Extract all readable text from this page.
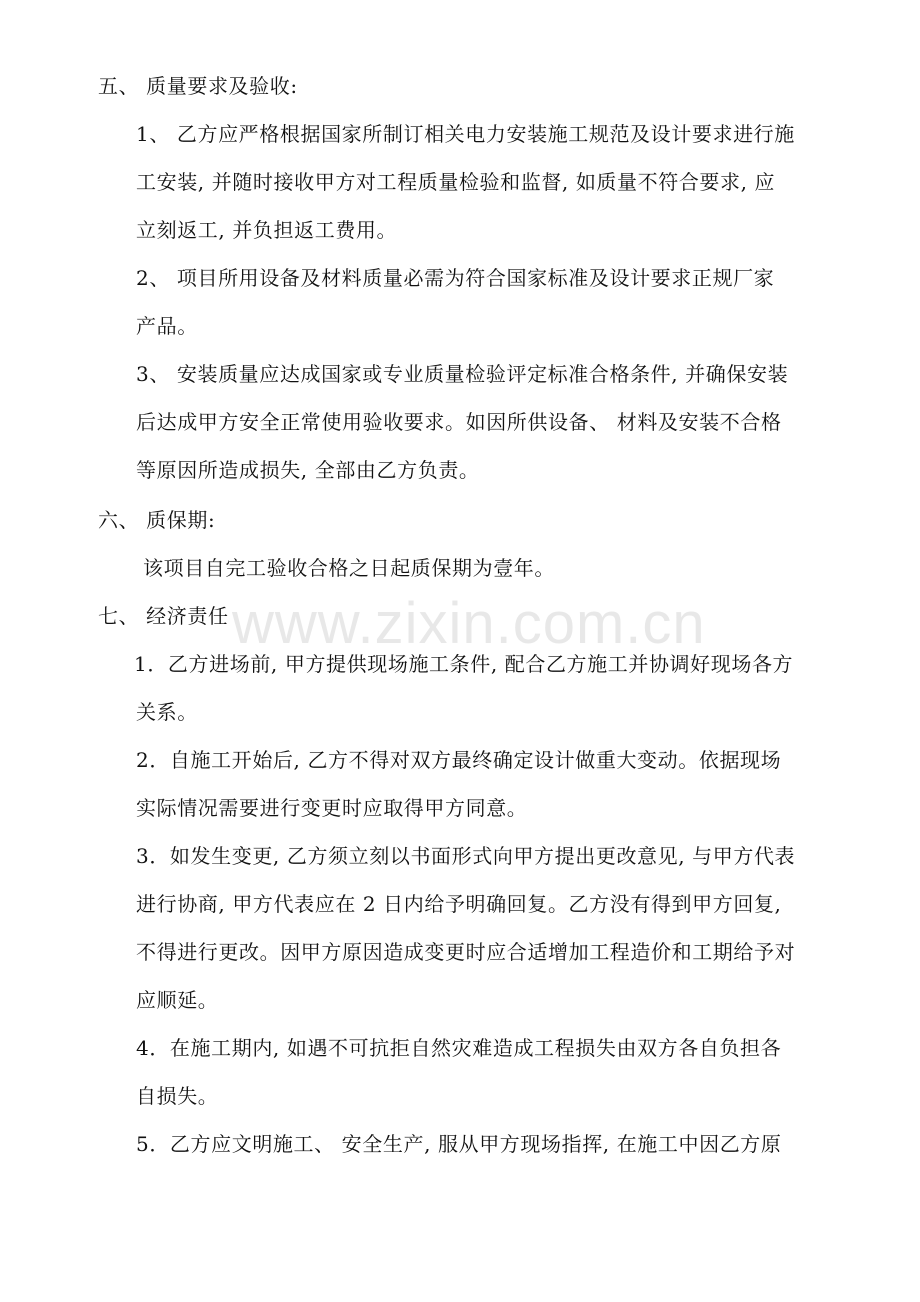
五、 质量要求及验收:
1、 乙方应严格根据国家所制订相关电力安装施工规范及设计要求进行施
工安装, 并随时接收甲方对工程质量检验和监督, 如质量不符合要求, 应
立刻返工, 并负担返工费用。
2、 项目所用设备及材料质量必需为符合国家标准及设计要求正规厂家
产品。
3、 安装质量应达成国家或专业质量检验评定标准合格条件, 并确保安装
后达成甲方安全正常使用验收要求。如因所供设备、 材料及安装不合格
等原因所造成损失, 全部由乙方负责。
六、 质保期:
该项目自完工验收合格之日起质保期为壹年。
七、 经济责任
1．乙方进场前, 甲方提供现场施工条件, 配合乙方施工并协调好现场各方
关系。
2．自施工开始后, 乙方不得对双方最终确定设计做重大变动。依据现场
实际情况需要进行变更时应取得甲方同意。
3．如发生变更, 乙方须立刻以书面形式向甲方提出更改意见, 与甲方代表
进行协商, 甲方代表应在 2 日内给予明确回复。乙方没有得到甲方回复,
不得进行更改。因甲方原因造成变更时应合适增加工程造价和工期给予对
应顺延。
4．在施工期内, 如遇不可抗拒自然灾难造成工程损失由双方各自负担各
自损失。
5．乙方应文明施工、 安全生产, 服从甲方现场指挥, 在施工中因乙方原
www.zixin.com.cn
